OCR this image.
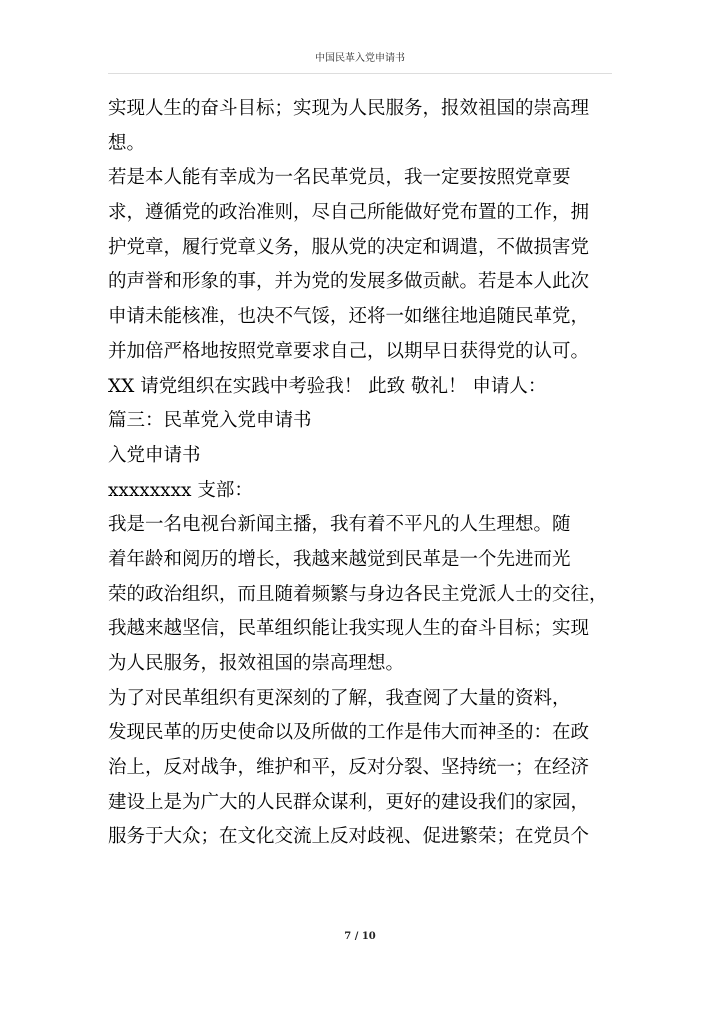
中国民革入党申请书
实现人生的奋斗目标；实现为人民服务，报效祖国的崇高理
想。
若是本人能有幸成为一名民革党员，我一定要按照党章要
求，遵循党的政治准则，尽自己所能做好党布置的工作，拥
护党章，履行党章义务，服从党的决定和调遣，不做损害党
的声誉和形象的事，并为党的发展多做贡献。若是本人此次
申请未能核准，也决不气馁，还将一如继往地追随民革党，
并加倍严格地按照党章要求自己，以期早日获得党的认可。
XX 请党组织在实践中考验我！ 此致 敬礼！ 申请人：
篇三：民革党入党申请书
入党申请书
xxxxxxxx 支部：
我是一名电视台新闻主播，我有着不平凡的人生理想。随
着年龄和阅历的增长，我越来越觉到民革是一个先进而光
荣的政治组织，而且随着频繁与身边各民主党派人士的交往，
我越来越坚信，民革组织能让我实现人生的奋斗目标；实现
为人民服务，报效祖国的崇高理想。
为了对民革组织有更深刻的了解，我查阅了大量的资料，
发现民革的历史使命以及所做的工作是伟大而神圣的：在政
治上，反对战争，维护和平，反对分裂、坚持统一；在经济
建设上是为广大的人民群众谋利，更好的建设我们的家园，
服务于大众；在文化交流上反对歧视、促进繁荣；在党员个
7 / 10
